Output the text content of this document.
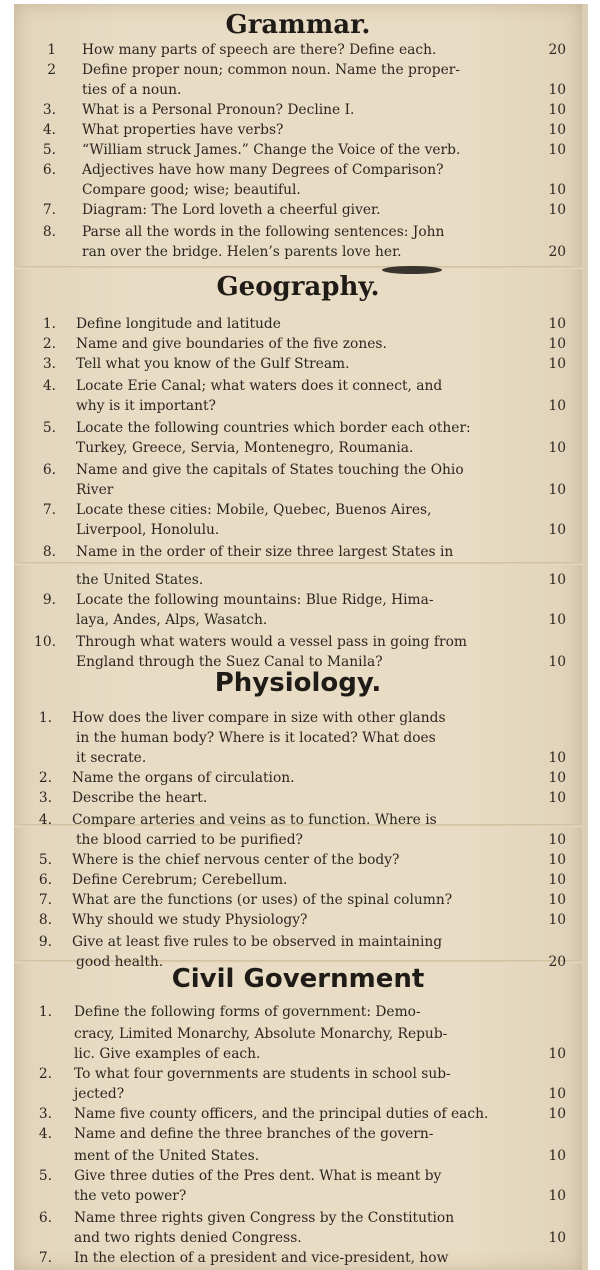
Grammar.
1 How many parts of speech are there? Define each.	20
2 Define proper noun; common noun. Name the proper-
ties of a noun.	10
3. What is a Personal Pronoun? Decline I.	10
4. What properties have verbs?	10
5. “William struck James.” Change the Voice of the verb.	10
6. Adjectives have how many Degrees of Comparison?
Compare good; wise; beautiful.	10
7. Diagram: The Lord loveth a cheerful giver.	10
8. Parse all the words in the following sentences: John
ran over the bridge. Helen’s parents love her.	20
Geography.
1. Define longitude and latitude	10
2. Name and give boundaries of the five zones.	10
3. Tell what you know of the Gulf Stream.	10
4. Locate Erie Canal; what waters does it connect, and
why is it important?	10
5. Locate the following countries which border each other:
Turkey, Greece, Servia, Montenegro, Roumania.	10
6. Name and give the capitals of States touching the Ohio
River	10
7. Locate these cities: Mobile, Quebec, Buenos Aires,
Liverpool, Honolulu.	10
8. Name in the order of their size three largest States in
the United States.	10
9. Locate the following mountains: Blue Ridge, Hima-
laya, Andes, Alps, Wasatch.	10
10. Through what waters would a vessel pass in going from
England through the Suez Canal to Manila?	10
Physiology.
1. How does the liver compare in size with other glands
in the human body? Where is it located? What does
it secrate.	10
2. Name the organs of circulation.	10
3. Describe the heart.	10
4. Compare arteries and veins as to function. Where is
the blood carried to be purified?	10
5. Where is the chief nervous center of the body?	10
6. Define Cerebrum; Cerebellum.	10
7. What are the functions (or uses) of the spinal column?	10
8. Why should we study Physiology?	10
9. Give at least five rules to be observed in maintaining
good health.	20
Civil Government
1. Define the following forms of government: Demo-
cracy, Limited Monarchy, Absolute Monarchy, Repub-
lic. Give examples of each.	10
2. To what four governments are students in school sub-
jected?	10
3. Name five county officers, and the principal duties of each.	10
4. Name and define the three branches of the govern-
ment of the United States.	10
5. Give three duties of the Pres dent. What is meant by
the veto power?	10
6. Name three rights given Congress by the Constitution
and two rights denied Congress.	10
7. In the election of a president and vice-president, how
